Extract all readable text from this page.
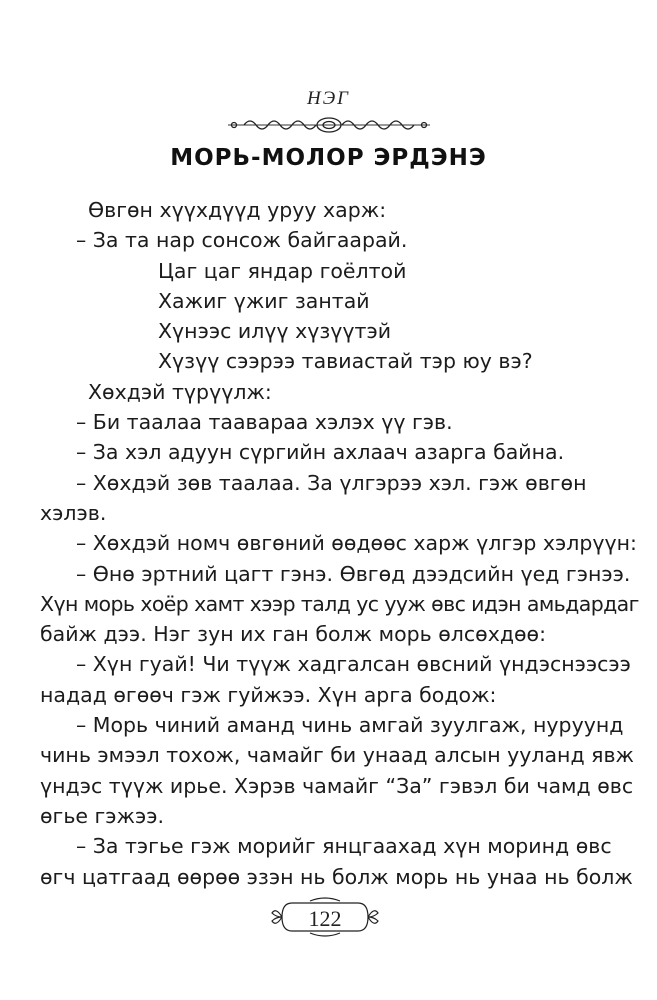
НЭГ
МОРЬ-МОЛОР ЭРДЭНЭ
Өвгөн хүүхдүүд уруу харж:
– За та нар сонсож байгаарай.
Цаг цаг яндар гоёлтой
Хажиг үжиг зантай
Хүнээс илүү хүзүүтэй
Хүзүү сээрээ тавиастай тэр юу вэ?
Хөхдэй түрүүлж:
– Би таалаа таавараа хэлэх үү гэв.
– За хэл адуун сүргийн ахлаач азарга байна.
– Хөхдэй зөв таалаа. За үлгэрээ хэл. гэж өвгөн
хэлэв.
– Хөхдэй номч өвгөний өөдөөс харж үлгэр хэлрүүн:
– Өнө эртний цагт гэнэ. Өвгөд дээдсийн үед гэнээ.
Хүн морь хоёр хамт хээр талд ус ууж өвс идэн амьдардаг
байж дээ. Нэг зун их ган болж морь өлсөхдөө:
– Хүн гуай! Чи түүж хадгалсан өвсний үндэснээсээ
надад өгөөч гэж гуйжээ. Хүн арга бодож:
– Морь чиний аманд чинь амгай зуулгаж, нуруунд
чинь эмээл тохож, чамайг би унаад алсын ууланд явж
үндэс түүж ирье. Хэрэв чамайг “За” гэвэл би чамд өвс
өгье гэжээ.
– За тэгье гэж морийг янцгаахад хүн моринд өвс
өгч цатгаад өөрөө эзэн нь болж морь нь унаа нь болж
122
